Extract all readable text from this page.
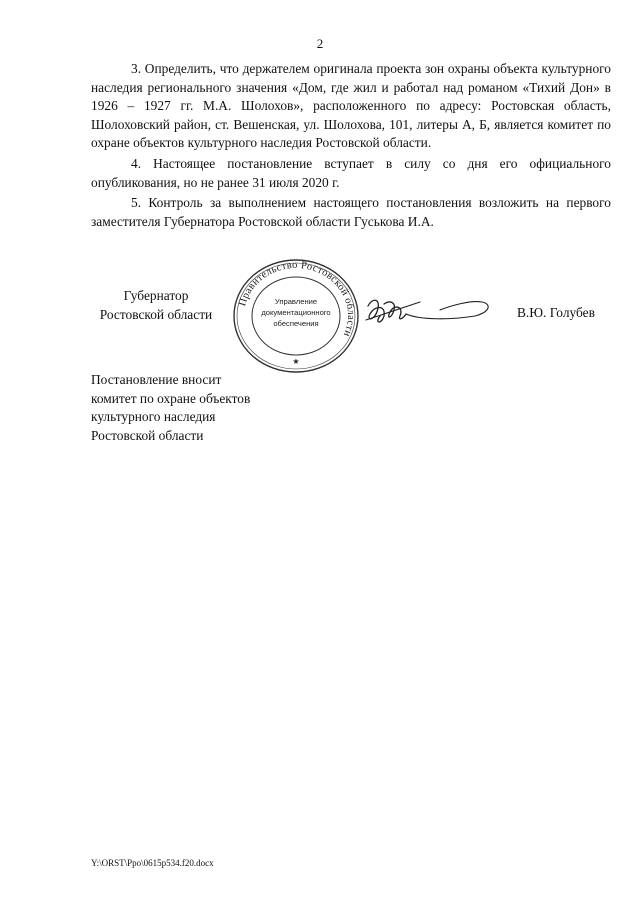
2

3. Определить, что держателем оригинала проекта зон охраны объекта культурного наследия регионального значения «Дом, где жил и работал над романом «Тихий Дон» в 1926 – 1927 гг. М.А. Шолохов», расположенного по адресу: Ростовская область, Шолоховский район, ст. Вешенская, ул. Шолохова, 101, литеры А, Б, является комитет по охране объектов культурного наследия Ростовской области.

4. Настоящее постановление вступает в силу со дня его официального опубликования, но не ранее 31 июля 2020 г.

5. Контроль за выполнением настоящего постановления возложить на первого заместителя Губернатора Ростовской области Гуськова И.А.

Губернатор
Ростовской области
Правительство Ростовской области
Управление
документационного
обеспечения
★
В.Ю. Голубев
Постановление вносит
комитет по охране объектов
культурного наследия
Ростовской области
Y:\ORST\Ppo\0615p534.f20.docx
